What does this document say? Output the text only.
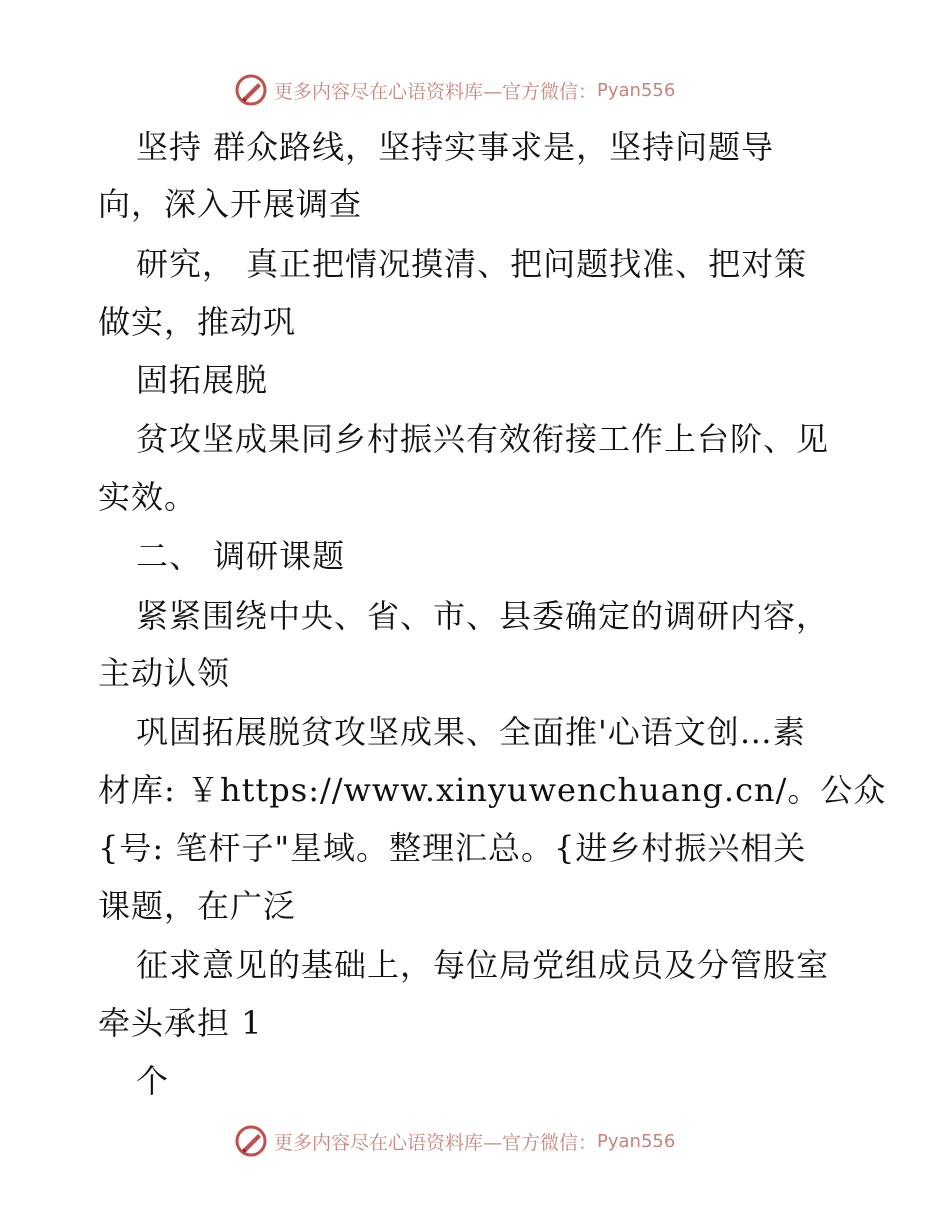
更多内容尽在心语资料库—官方微信： Pyan556
坚持 群众路线，坚持实事求是，坚持问题导
向，深入开展调查
研究， 真正把情况摸清、把问题找准、把对策
做实，推动巩
固拓展脱
贫攻坚成果同乡村振兴有效衔接工作上台阶、见
实效。
二、 调研课题
紧紧围绕中央、省、市、县委确定的调研内容，
主动认领
巩固拓展脱贫攻坚成果、全面推'心语文创…素
材库: ￥https://www.xinyuwenchuang.cn/。公众
{号: 笔杆子"星域。整理汇总。{进乡村振兴相关
课题，在广泛
征求意见的基础上，每位局党组成员及分管股室
牵头承担 1
个
更多内容尽在心语资料库—官方微信： Pyan556
